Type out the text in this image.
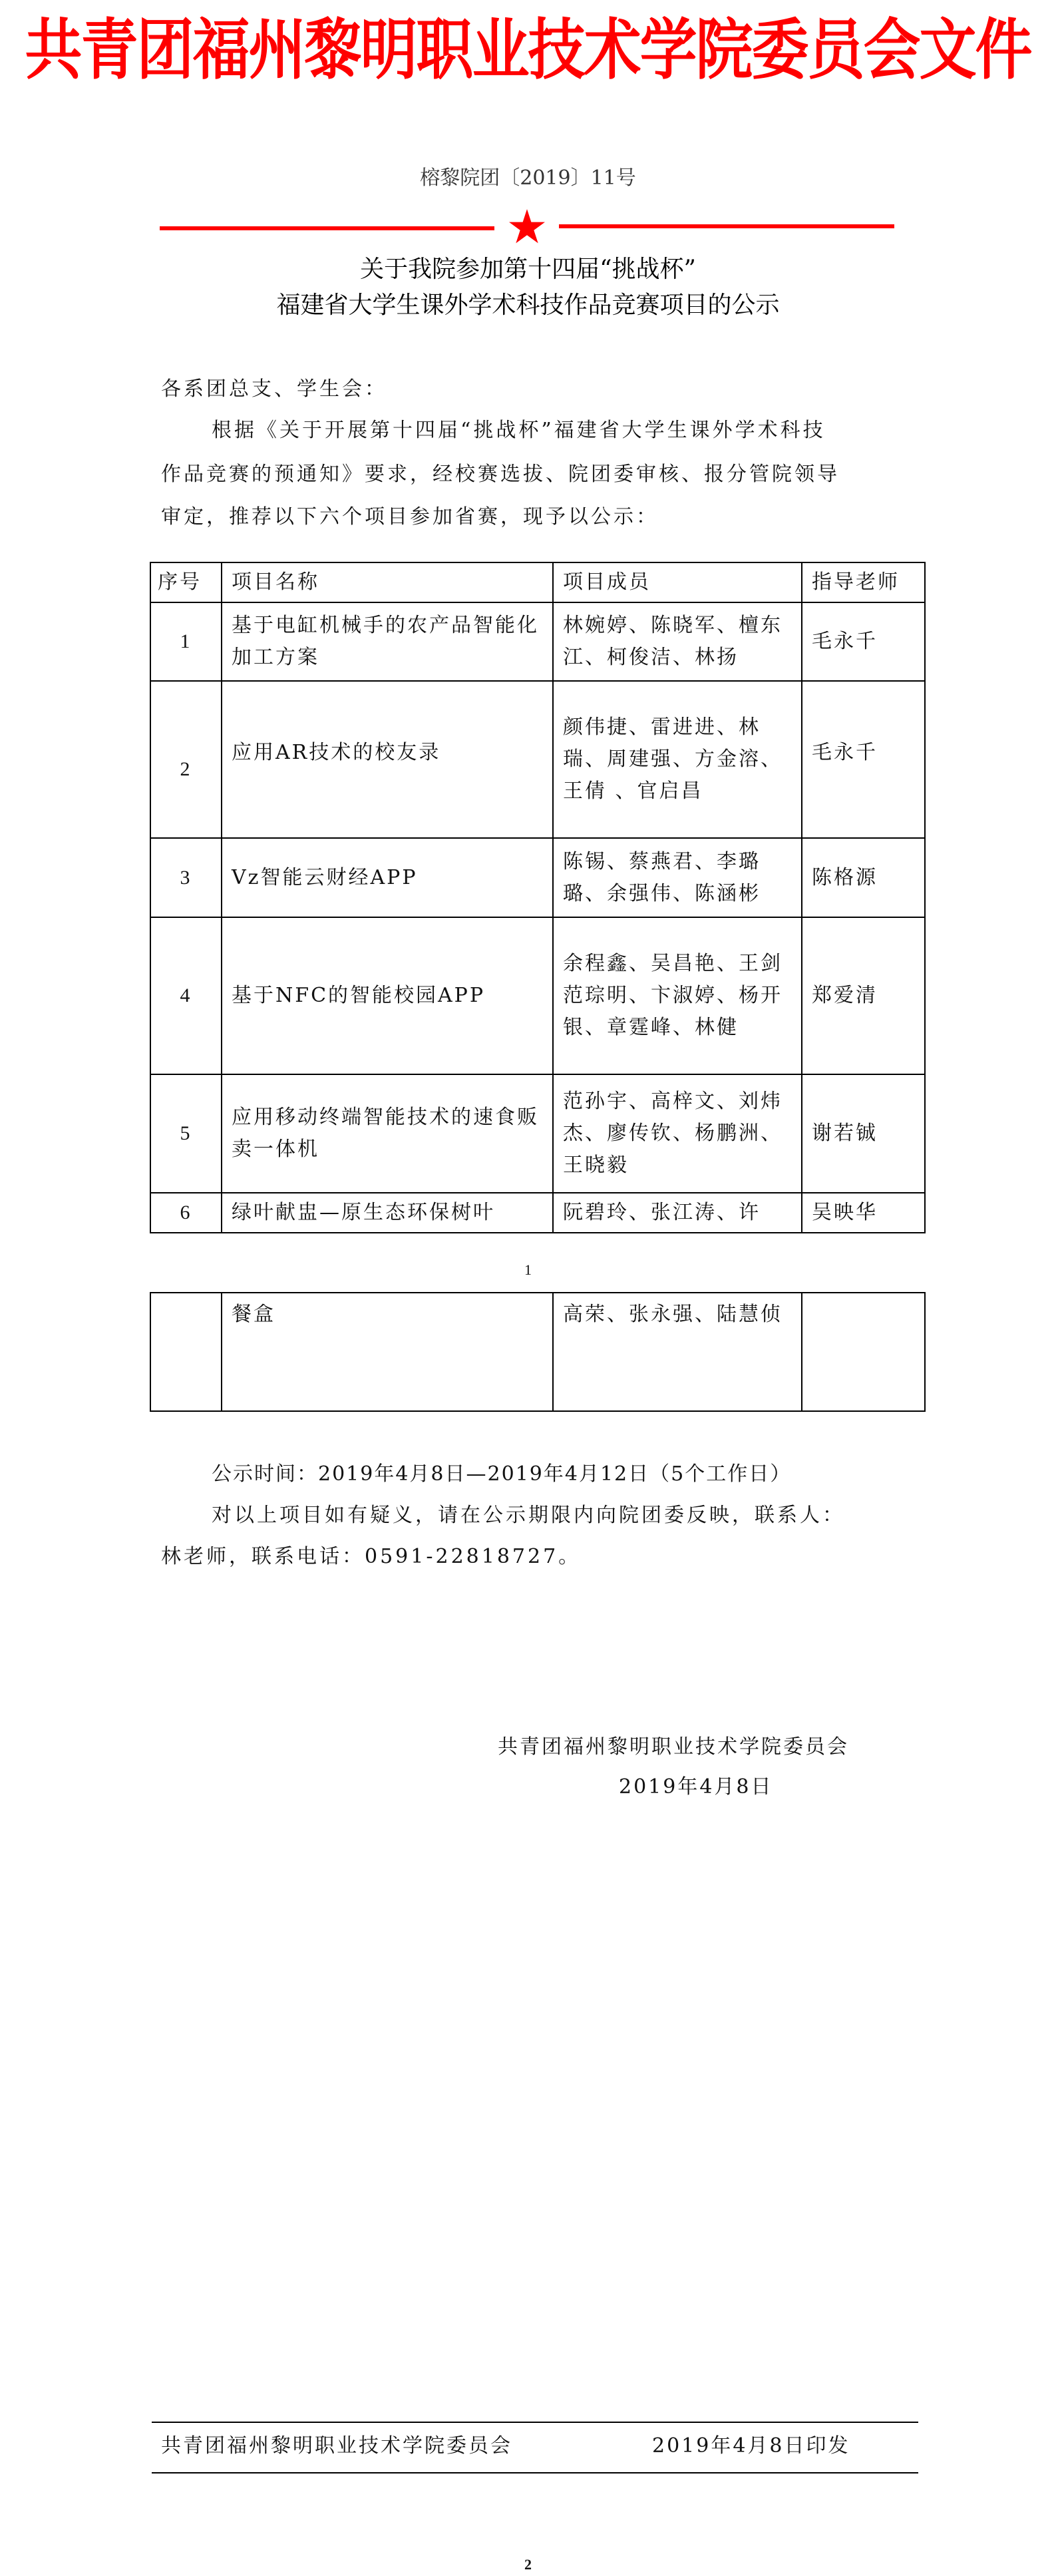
共青团福州黎明职业技术学院委员会文件
榕黎院团〔2019〕11号
关于我院参加第十四届“挑战杯”
福建省大学生课外学术科技作品竞赛项目的公示
各系团总支、学生会：
根据《关于开展第十四届“挑战杯”福建省大学生课外学术科技
作品竞赛的预通知》要求，经校赛选拔、院团委审核、报分管院领导
审定，推荐以下六个项目参加省赛，现予以公示：
序号	项目名称	项目成员	指导老师
1	基于电缸机械手的农产品智能化加工方案	林婉婷、陈晓军、檀东江、柯俊洁、林扬	毛永千
2	应用AR技术的校友录	颜伟捷、雷进进、林瑞、周建强、方金溶、王倩 、官启昌	毛永千
3	Vz智能云财经APP	陈锡、蔡燕君、李璐璐、余强伟、陈涵彬	陈格源
4	基于NFC的智能校园APP	余程鑫、吴昌艳、王剑　范琮明、卞淑婷、杨开银、章霆峰、林健	郑爱清
5	应用移动终端智能技术的速食贩卖一体机	范孙宇、高梓文、刘炜杰、廖传钦、杨鹏洲、王晓毅	谢若铖
6	绿叶献盅—原生态环保树叶	阮碧玲、张江涛、许	吴映华
1
	餐盒	高荣、张永强、陆慧侦	
公示时间：2019年4月8日—2019年4月12日（5个工作日）
对以上项目如有疑义，请在公示期限内向院团委反映，联系人：
林老师，联系电话：0591-22818727。
共青团福州黎明职业技术学院委员会
2019年4月8日
共青团福州黎明职业技术学院委员会	2019年4月8日印发
2
